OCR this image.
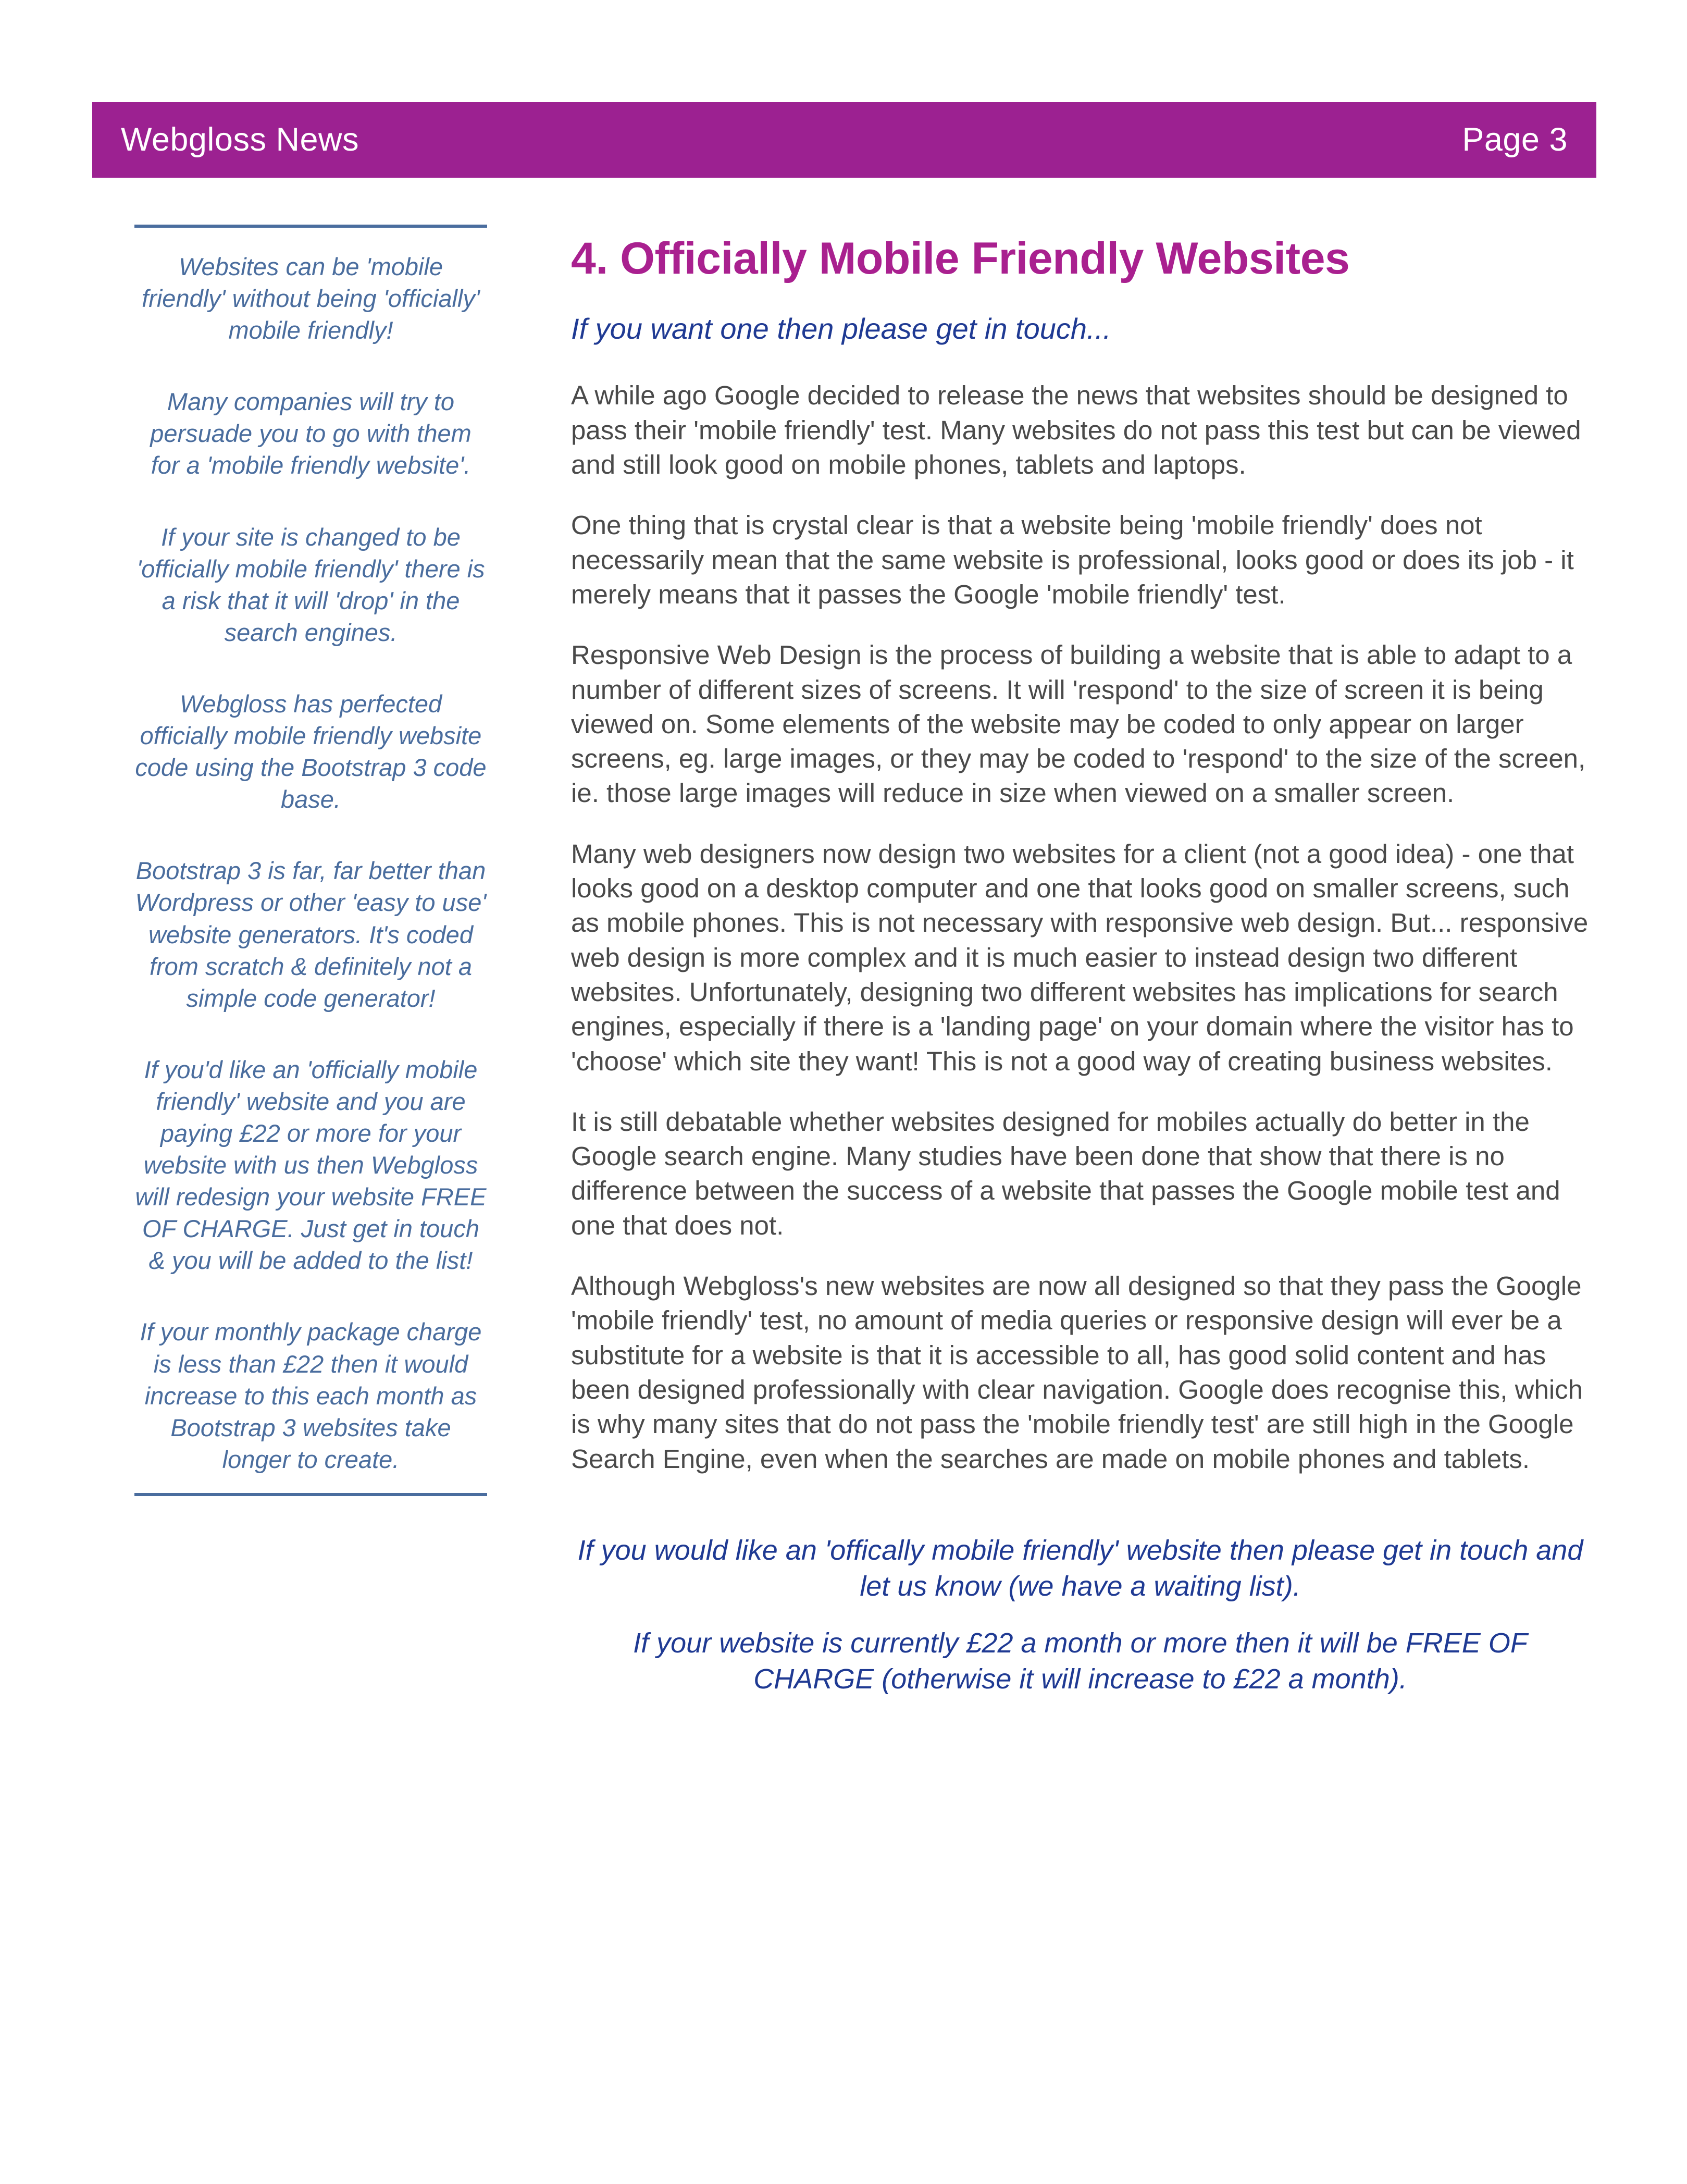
Webgloss News	Page 3

Websites can be 'mobile friendly' without being 'officially' mobile friendly!

Many companies will try to persuade you to go with them for a 'mobile friendly website'.

If your site is changed to be 'officially mobile friendly' there is a risk that it will 'drop' in the search engines.

Webgloss has perfected officially mobile friendly website code using the Bootstrap 3 code base.

Bootstrap 3 is far, far better than Wordpress or other 'easy to use' website generators. It's coded from scratch & definitely not a simple code generator!

If you'd like an 'officially mobile friendly' website and you are paying £22 or more for your website with us then Webgloss will redesign your website FREE OF CHARGE. Just get in touch & you will be added to the list!

If your monthly package charge is less than £22 then it would increase to this each month as Bootstrap 3 websites take longer to create.

4. Officially Mobile Friendly Websites

If you want one then please get in touch...

A while ago Google decided to release the news that websites should be designed to pass their 'mobile friendly' test. Many websites do not pass this test but can be viewed and still look good on mobile phones, tablets and laptops.

One thing that is crystal clear is that a website being 'mobile friendly' does not necessarily mean that the same website is professional, looks good or does its job - it merely means that it passes the Google 'mobile friendly' test.

Responsive Web Design is the process of building a website that is able to adapt to a number of different sizes of screens. It will 'respond' to the size of screen it is being viewed on. Some elements of the website may be coded to only appear on larger screens, eg. large images, or they may be coded to 'respond' to the size of the screen, ie. those large images will reduce in size when viewed on a smaller screen.

Many web designers now design two websites for a client (not a good idea) - one that looks good on a desktop computer and one that looks good on smaller screens, such as mobile phones. This is not necessary with responsive web design. But... responsive web design is more complex and it is much easier to instead design two different websites. Unfortunately, designing two different websites has implications for search engines, especially if there is a 'landing page' on your domain where the visitor has to 'choose' which site they want! This is not a good way of creating business websites.

It is still debatable whether websites designed for mobiles actually do better in the Google search engine. Many studies have been done that show that there is no difference between the success of a website that passes the Google mobile test and one that does not.

Although Webgloss's new websites are now all designed so that they pass the Google 'mobile friendly' test, no amount of media queries or responsive design will ever be a substitute for a website is that it is accessible to all, has good solid content and has been designed professionally with clear navigation. Google does recognise this, which is why many sites that do not pass the 'mobile friendly test' are still high in the Google Search Engine, even when the searches are made on mobile phones and tablets.

If you would like an 'offically mobile friendly' website then please get in touch and let us know (we have a waiting list).

If your website is currently £22 a month or more then it will be FREE OF CHARGE (otherwise it will increase to £22 a month).
